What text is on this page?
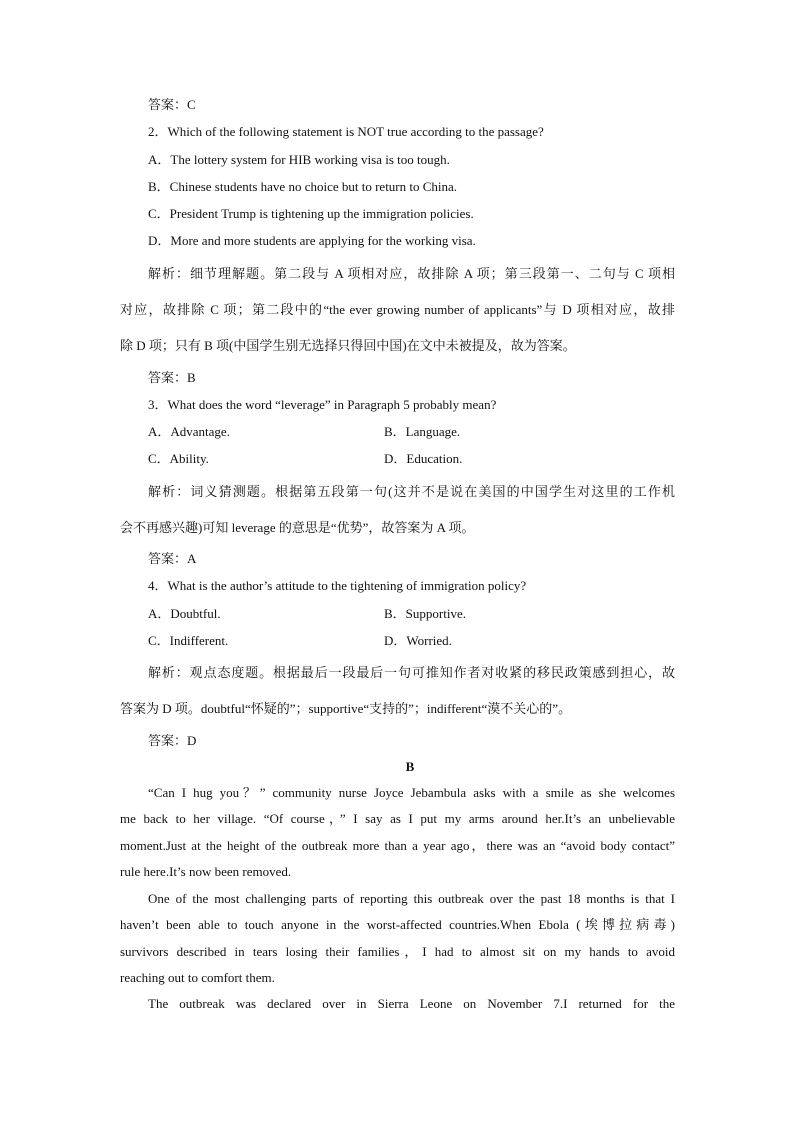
答案：C
2．Which of the following statement is NOT true according to the passage?
A．The lottery system for HIB working visa is too tough.
B．Chinese students have no choice but to return to China.
C．President Trump is tightening up the immigration policies.
D．More and more students are applying for the working visa.
解析：细节理解题。第二段与 A 项相对应，故排除 A 项；第三段第一、二句与 C 项相
对应，故排除 C 项；第二段中的“the ever growing number of applicants”与 D 项相对应，故排
除 D 项；只有 B 项(中国学生别无选择只得回中国)在文中未被提及，故为答案。
答案：B
3．What does the word “leverage” in Paragraph 5 probably mean?
A．Advantage.	B．Language.
C．Ability.	D．Education.
解析：词义猜测题。根据第五段第一句(这并不是说在美国的中国学生对这里的工作机
会不再感兴趣)可知 leverage 的意思是“优势”，故答案为 A 项。
答案：A
4．What is the author’s attitude to the tightening of immigration policy?
A．Doubtful.	B．Supportive.
C．Indifferent.	D．Worried.
解析：观点态度题。根据最后一段最后一句可推知作者对收紧的移民政策感到担心，故
答案为 D 项。doubtful“怀疑的”；supportive“支持的”；indifferent“漠不关心的”。
答案：D
B
“Can I hug you？” community nurse Joyce Jebambula asks with a smile as she welcomes
me back to her village. “Of course，” I say as I put my arms around her.It’s an unbelievable
moment.Just at the height of the outbreak more than a year ago，there was an “avoid body contact”
rule here.It’s now been removed.
One of the most challenging parts of reporting this outbreak over the past 18 months is that I
haven’t been able to touch anyone in the worst-affected countries.When Ebola (埃博拉病毒)
survivors described in tears losing their families，I had to almost sit on my hands to avoid
reaching out to comfort them.
The outbreak was declared over in Sierra Leone on November 7.I returned for the
